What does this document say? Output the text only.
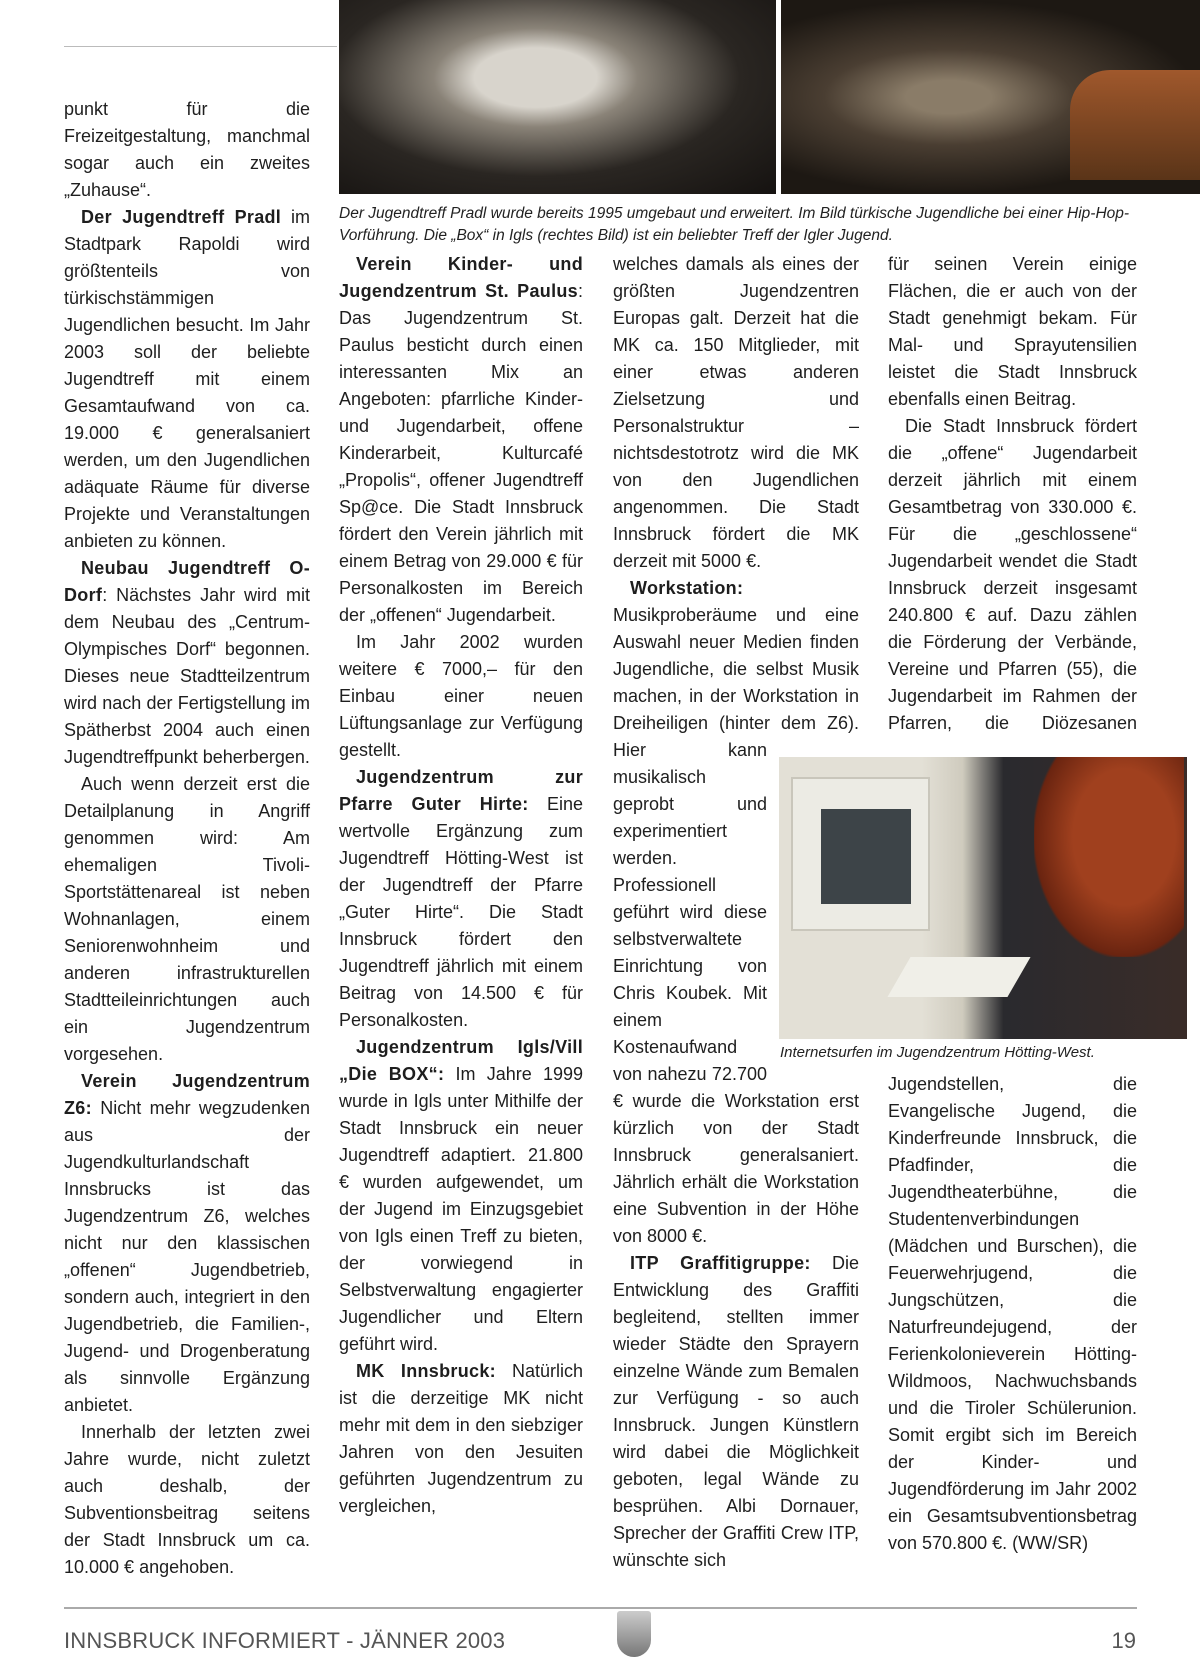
Der Jugendtreff Pradl wurde bereits 1995 umgebaut und erweitert. Im Bild türkische Jugendliche bei einer Hip-Hop-Vorführung. Die „Box“ in Igls (rechtes Bild) ist ein beliebter Treff der Igler Jugend.
Internetsurfen im Jugendzentrum Hötting-West.

punkt für die Freizeitgestaltung, manchmal sogar auch ein zweites „Zuhause“.

Der Jugendtreff Pradl im Stadtpark Rapoldi wird größtenteils von türkischstämmigen Jugendlichen besucht. Im Jahr 2003 soll der beliebte Jugendtreff mit einem Gesamtaufwand von ca. 19.000 € generalsaniert werden, um den Jugendlichen adäquate Räume für diverse Projekte und Veranstaltungen anbieten zu können.

Neubau Jugendtreff O-Dorf: Nächstes Jahr wird mit dem Neubau des „Centrum-Olympisches Dorf“ begonnen. Dieses neue Stadtteilzentrum wird nach der Fertigstellung im Spätherbst 2004 auch einen Jugendtreffpunkt beherbergen.

Auch wenn derzeit erst die Detailplanung in Angriff genommen wird: Am ehemaligen Tivoli-Sportstättenareal ist neben Wohnanlagen, einem Seniorenwohnheim und anderen infrastrukturellen Stadtteileinrichtungen auch ein Jugendzentrum vorgesehen.

Verein Jugendzentrum Z6: Nicht mehr wegzudenken aus der Jugendkulturlandschaft Innsbrucks ist das Jugendzentrum Z6, welches nicht nur den klassischen „offenen“ Jugendbetrieb, sondern auch, integriert in den Jugendbetrieb, die Familien-, Jugend- und Drogenberatung als sinnvolle Ergänzung anbietet.

Innerhalb der letzten zwei Jahre wurde, nicht zuletzt auch deshalb, der Subventionsbeitrag seitens der Stadt Innsbruck um ca. 10.000 € angehoben.

Verein Kinder- und Jugendzentrum St. Paulus: Das Jugendzentrum St. Paulus besticht durch einen interessanten Mix an Angeboten: pfarrliche Kinder- und Jugendarbeit, offene Kinderarbeit, Kulturcafé „Propolis“, offener Jugendtreff Sp@ce. Die Stadt Innsbruck fördert den Verein jährlich mit einem Betrag von 29.000 € für Personalkosten im Bereich der „offenen“ Jugendarbeit.

Im Jahr 2002 wurden weitere € 7000,– für den Einbau einer neuen Lüftungsanlage zur Verfügung gestellt.

Jugendzentrum zur Pfarre Guter Hirte: Eine wertvolle Ergänzung zum Jugendtreff Hötting-West ist der Jugendtreff der Pfarre „Guter Hirte“. Die Stadt Innsbruck fördert den Jugendtreff jährlich mit einem Beitrag von 14.500 € für Personalkosten.

Jugendzentrum Igls/Vill „Die BOX“: Im Jahre 1999 wurde in Igls unter Mithilfe der Stadt Innsbruck ein neuer Jugendtreff adaptiert. 21.800 € wurden aufgewendet, um der Jugend im Einzugsgebiet von Igls einen Treff zu bieten, der vorwiegend in Selbstverwaltung engagierter Jugendlicher und Eltern geführt wird.

MK Innsbruck: Natürlich ist die derzeitige MK nicht mehr mit dem in den siebziger Jahren von den Jesuiten geführten Jugendzentrum zu vergleichen,

welches damals als eines der größten Jugendzentren Europas galt. Derzeit hat die MK ca. 150 Mitglieder, mit einer etwas anderen Zielsetzung und Personalstruktur – nichtsdestotrotz wird die MK von den Jugendlichen angenommen. Die Stadt Innsbruck fördert die MK derzeit mit 5000 €.

Workstation: Musikproberäume und eine Auswahl neuer Medien finden Jugendliche, die selbst Musik machen, in der Workstation in Dreiheiligen (hinter dem Z6). Hier kann musikalisch geprobt und experimentiert werden. Professionell geführt wird diese selbstverwaltete Einrichtung von Chris Koubek. Mit einem Kostenaufwand von nahezu 72.700 € wurde die Workstation erst kürzlich von der Stadt Innsbruck generalsaniert. Jährlich erhält die Workstation eine Subvention in der Höhe von 8000 €.

ITP Graffitigruppe: Die Entwicklung des Graffiti begleitend, stellten immer wieder Städte den Sprayern einzelne Wände zum Bemalen zur Verfügung - so auch Innsbruck. Jungen Künstlern wird dabei die Möglichkeit geboten, legal Wände zu besprühen. Albi Dornauer, Sprecher der Graffiti Crew ITP, wünschte sich

für seinen Verein einige Flächen, die er auch von der Stadt genehmigt bekam. Für Mal- und Sprayutensilien leistet die Stadt Innsbruck ebenfalls einen Beitrag.

Die Stadt Innsbruck fördert die „offene“ Jugendarbeit derzeit jährlich mit einem Gesamtbetrag von 330.000 €. Für die „geschlossene“ Jugendarbeit wendet die Stadt Innsbruck derzeit insgesamt 240.800 € auf. Dazu zählen die Förderung der Verbände, Vereine und Pfarren (55), die Jugendarbeit im Rahmen der Pfarren, die Diözesanen Jugendstellen, die Evangelische Jugend, die Kinderfreunde Innsbruck, die Pfadfinder, die Jugendtheaterbühne, die Studentenverbindungen (Mädchen und Burschen), die Feuerwehrjugend, die Jungschützen, die Naturfreundejugend, der Ferienkolonieverein Hötting-Wildmoos, Nachwuchsbands und die Tiroler Schülerunion. Somit ergibt sich im Bereich der Kinder- und Jugendförderung im Jahr 2002 ein Gesamtsubventionsbetrag von 570.800 €. (WW/SR)

INNSBRUCK INFORMIERT - JÄNNER 2003	19
